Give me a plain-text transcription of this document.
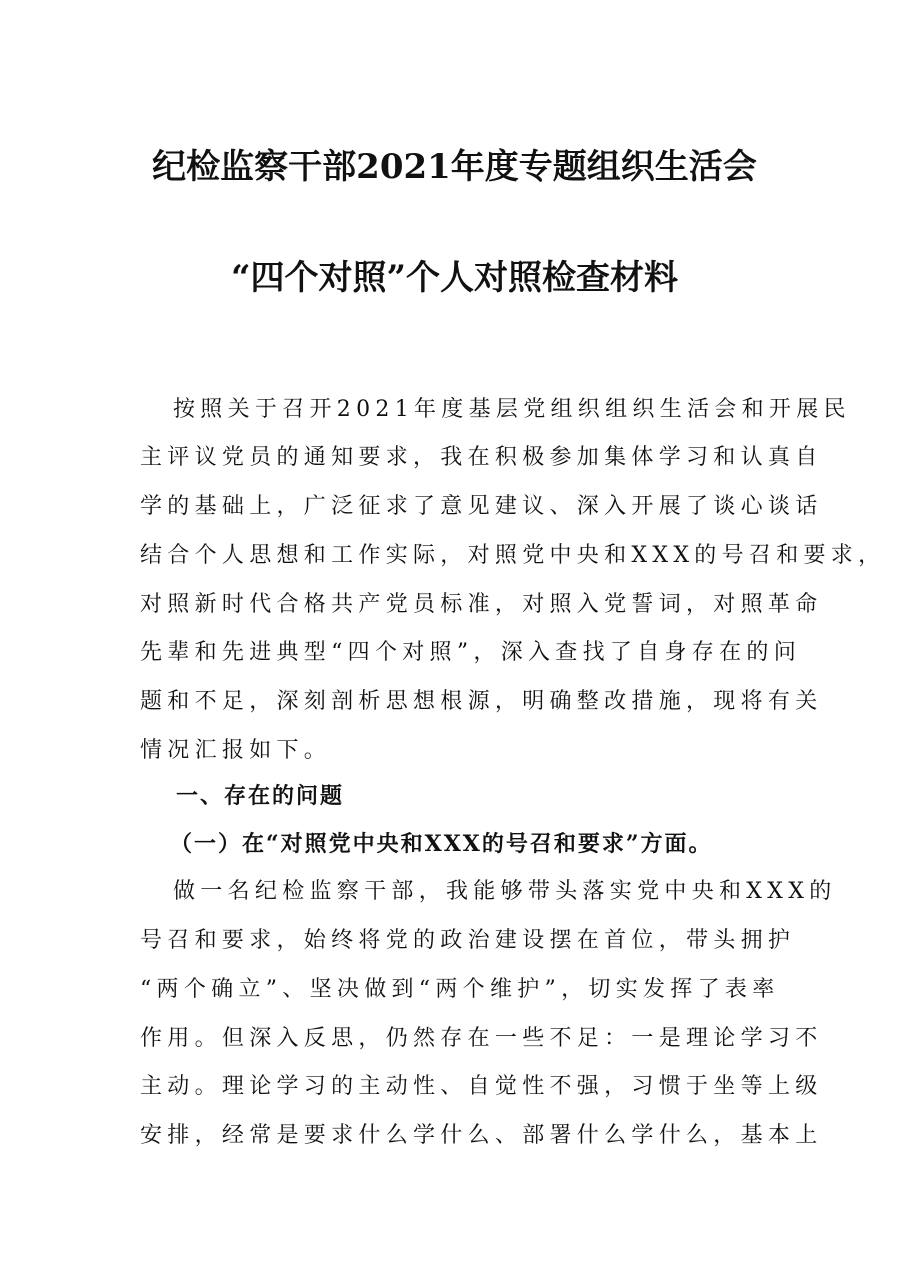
纪检监察干部2021年度专题组织生活会
“四个对照”个人对照检查材料
按照关于召开2021年度基层党组织组织生活会和开展民
主评议党员的通知要求，我在积极参加集体学习和认真自
学的基础上，广泛征求了意见建议、深入开展了谈心谈话
结合个人思想和工作实际，对照党中央和XXX的号召和要求，
对照新时代合格共产党员标准，对照入党誓词，对照革命
先辈和先进典型“四个对照”，深入查找了自身存在的问
题和不足，深刻剖析思想根源，明确整改措施，现将有关
情况汇报如下。
一、存在的问题
（一）在“对照党中央和XXX的号召和要求”方面。
做一名纪检监察干部，我能够带头落实党中央和XXX的
号召和要求，始终将党的政治建设摆在首位，带头拥护
“两个确立”、坚决做到“两个维护”，切实发挥了表率
作用。但深入反思，仍然存在一些不足：一是理论学习不
主动。理论学习的主动性、自觉性不强，习惯于坐等上级
安排，经常是要求什么学什么、部署什么学什么，基本上
